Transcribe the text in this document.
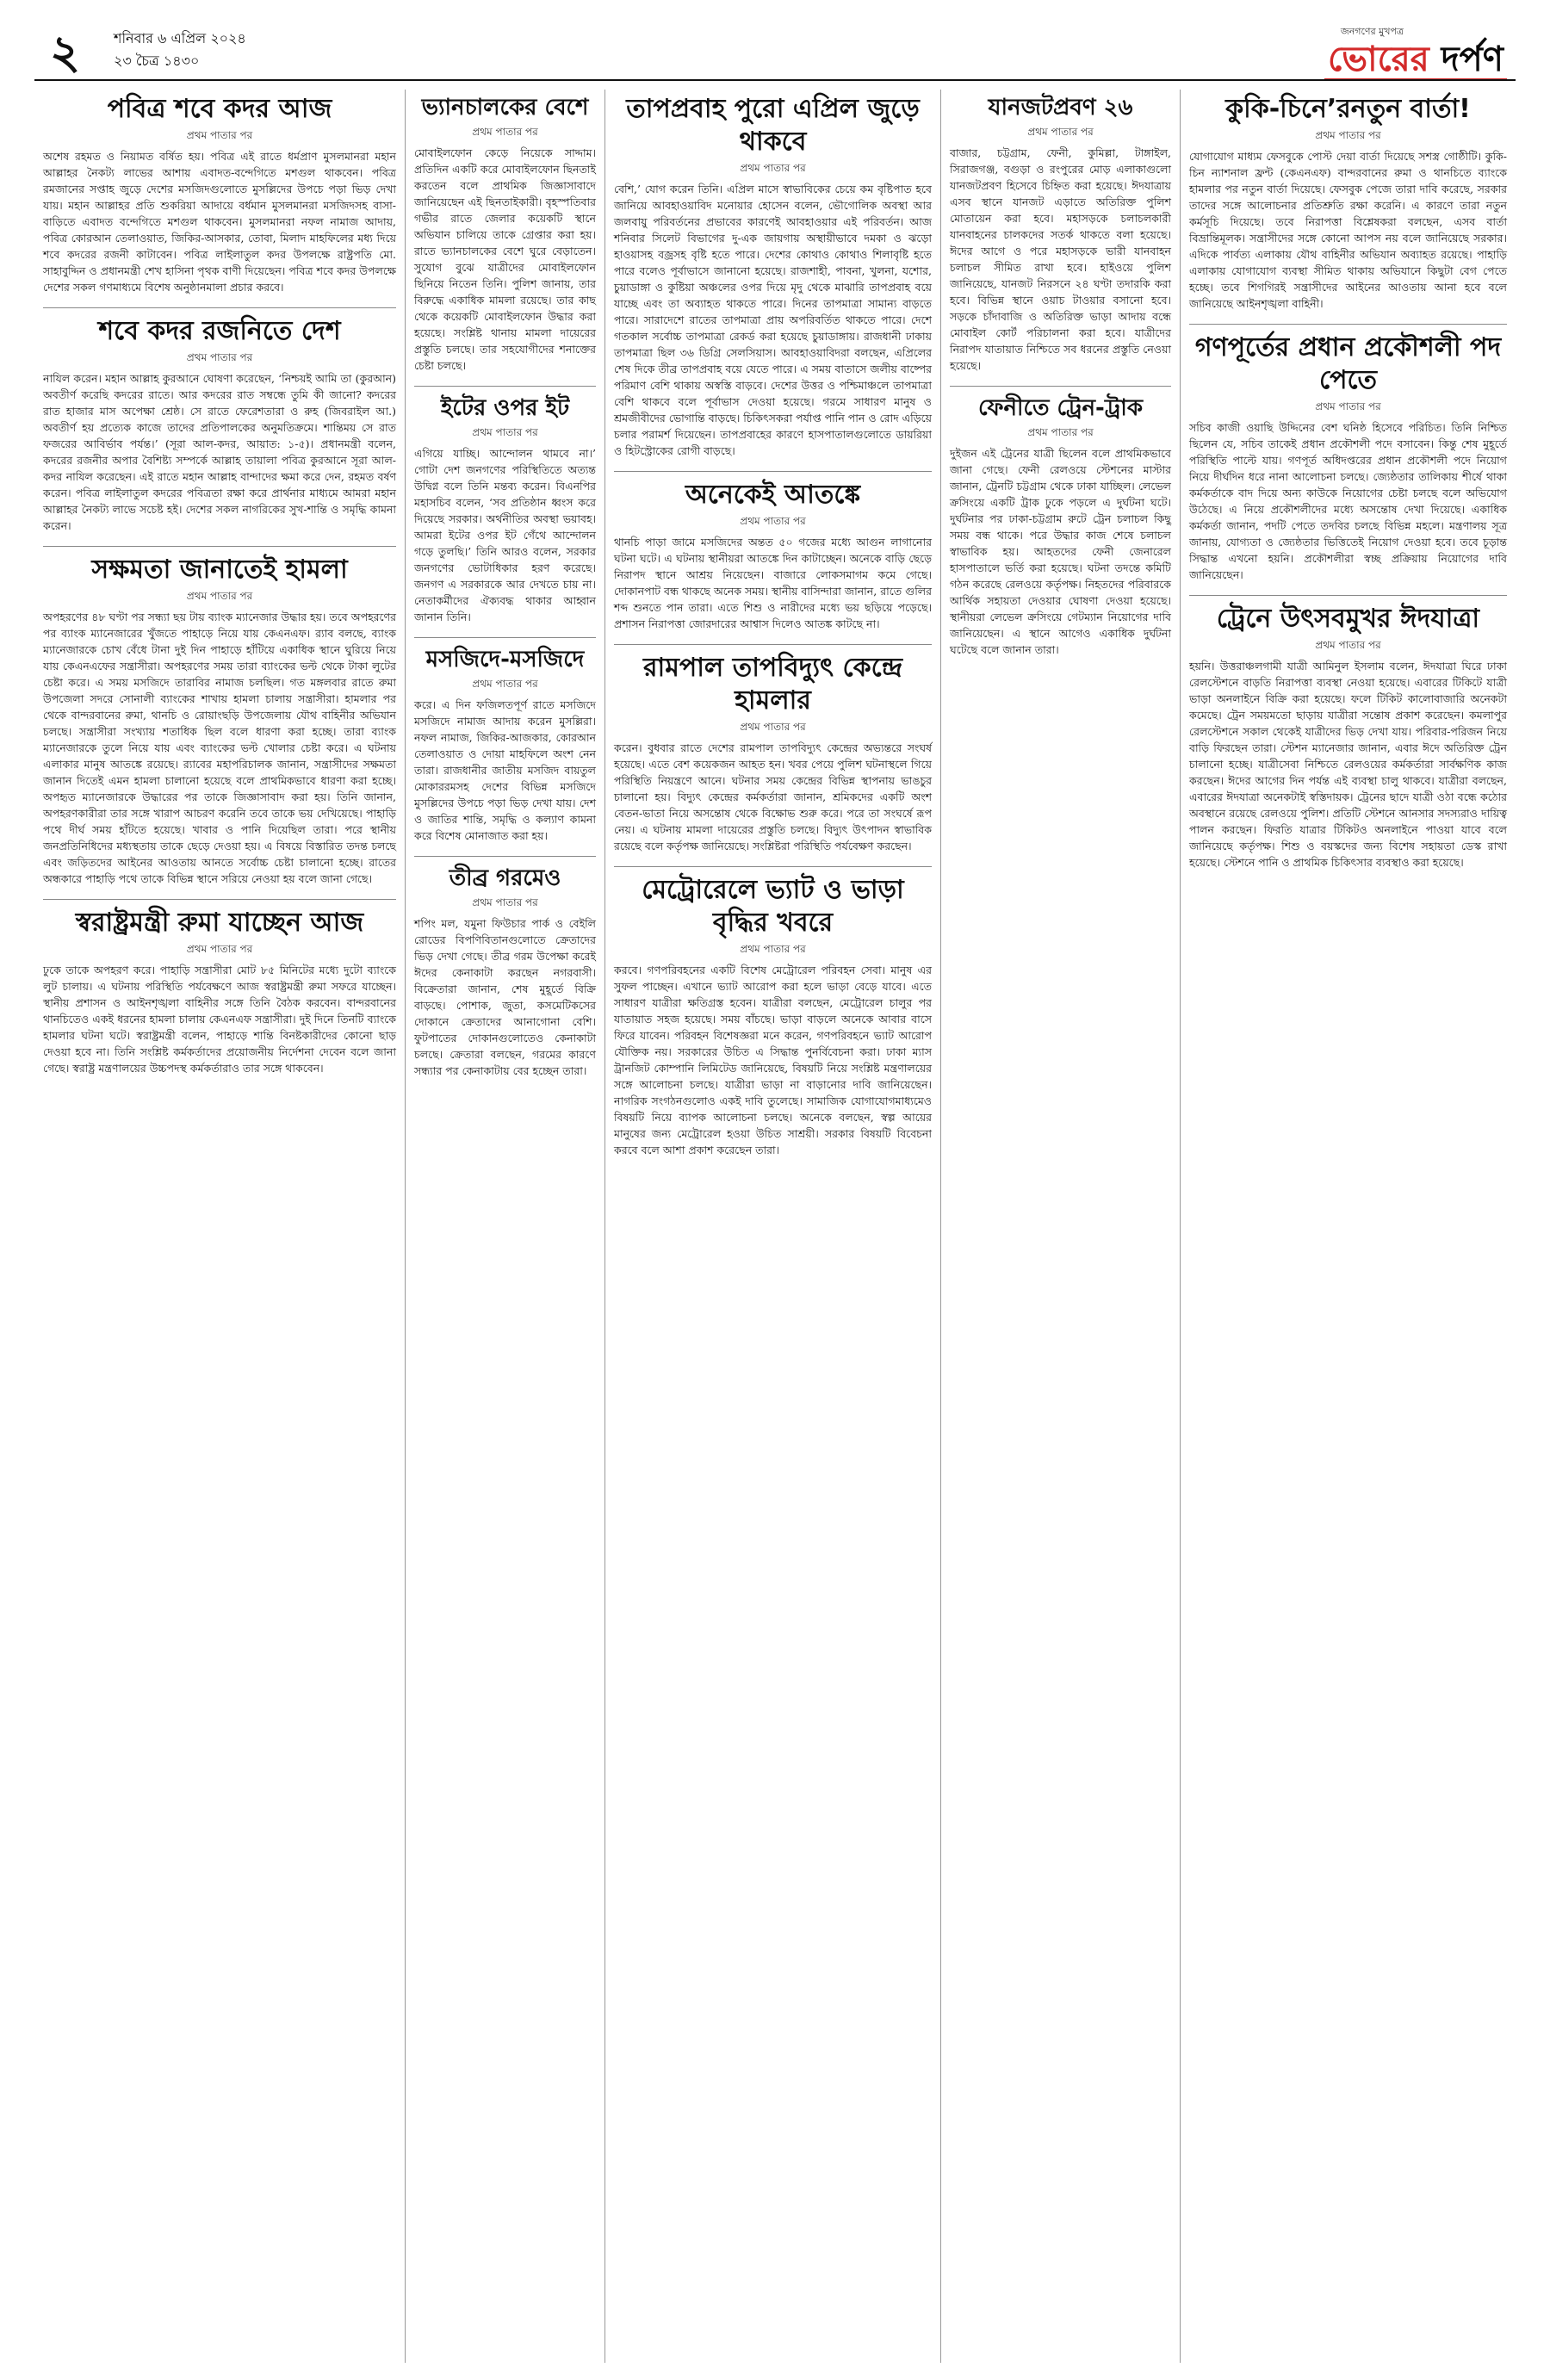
২ শনিবার ৬ এপ্রিল ২০২৪
২৩ চৈত্র ১৪৩০
জনগণের মুখপত্র
ভোরের দর্পণ
পবিত্র শবে কদর আজ
প্রথম পাতার পর
অশেষ রহমত ও নিয়ামত বর্ষিত হয়। পবিত্র এই রাতে ধর্মপ্রাণ মুসলমানরা মহান আল্লাহর নৈকট্য লাভের আশায় এবাদত-বন্দেগিতে মশগুল থাকবেন। পবিত্র রমজানের সপ্তাহ জুড়ে দেশের মসজিদগুলোতে মুসল্লিদের উপচে পড়া ভিড় দেখা যায়। মহান আল্লাহর প্রতি শুকরিয়া আদায়ে বর্ধমান মুসলমানরা মসজিদসহ বাসা-বাড়িতে এবাদত বন্দেগিতে মশগুল থাকবেন। মুসলমানরা নফল নামাজ আদায়, পবিত্র কোরআন তেলাওয়াত, জিকির-আসকার, তোবা, মিলাদ মাহফিলের মধ্য দিয়ে শবে কদরের রজনী কাটাবেন। পবিত্র লাইলাতুল কদর উপলক্ষে রাষ্ট্রপতি মো. সাহাবুদ্দিন ও প্রধানমন্ত্রী শেখ হাসিনা পৃথক বাণী দিয়েছেন। পবিত্র শবে কদর উপলক্ষে দেশের সকল গণমাধ্যমে বিশেষ অনুষ্ঠানমালা প্রচার করবে।
শবে কদর রজনিতে দেশ
প্রথম পাতার পর
নাযিল করেন। মহান আল্লাহ কুরআনে ঘোষণা করেছেন, ‘নিশ্চয়ই আমি তা (কুরআন) অবতীর্ণ করেছি কদরের রাতে। আর কদরের রাত সম্বন্ধে তুমি কী জানো? কদরের রাত হাজার মাস অপেক্ষা শ্রেষ্ঠ। সে রাতে ফেরেশতারা ও রুহ (জিবরাইল আ.) অবতীর্ণ হয় প্রত্যেক কাজে তাদের প্রতিপালকের অনুমতিক্রমে। শান্তিময় সে রাত ফজরের আবির্ভাব পর্যন্ত।’ (সূরা আল-কদর, আয়াত: ১-৫)। প্রধানমন্ত্রী বলেন, কদরের রজনীর অপার বৈশিষ্ট্য সম্পর্কে আল্লাহ তায়ালা পবিত্র কুরআনে সূরা আল-কদর নাযিল করেছেন। এই রাতে মহান আল্লাহ বান্দাদের ক্ষমা করে দেন, রহমত বর্ষণ করেন। পবিত্র লাইলাতুল কদরের পবিত্রতা রক্ষা করে প্রার্থনার মাধ্যমে আমরা মহান আল্লাহর নৈকট্য লাভে সচেষ্ট হই। দেশের সকল নাগরিকের সুখ-শান্তি ও সমৃদ্ধি কামনা করেন।
সক্ষমতা জানাতেই হামলা
প্রথম পাতার পর
অপহরণের ৪৮ ঘণ্টা পর সন্ধ্যা ছয় টায় ব্যাংক ম্যানেজার উদ্ধার হয়। তবে অপহরণের পর ব্যাংক ম্যানেজারের খুঁজতে পাহাড়ে নিয়ে যায় কেএনএফ। র‍্যাব বলছে, ব্যাংক ম্যানেজারকে চোখ বেঁধে টানা দুই দিন পাহাড়ে হাঁটিয়ে একাধিক স্থানে ঘুরিয়ে নিয়ে যায় কেএনএফের সন্ত্রাসীরা। অপহরণের সময় তারা ব্যাংকের ভল্ট থেকে টাকা লুটের চেষ্টা করে। এ সময় মসজিদে তারাবির নামাজ চলছিল। গত মঙ্গলবার রাতে রুমা উপজেলা সদরে সোনালী ব্যাংকের শাখায় হামলা চালায় সন্ত্রাসীরা। হামলার পর থেকে বান্দরবানের রুমা, থানচি ও রোয়াংছড়ি উপজেলায় যৌথ বাহিনীর অভিযান চলছে। সন্ত্রাসীরা সংখ্যায় শতাধিক ছিল বলে ধারণা করা হচ্ছে। তারা ব্যাংক ম্যানেজারকে তুলে নিয়ে যায় এবং ব্যাংকের ভল্ট খোলার চেষ্টা করে। এ ঘটনায় এলাকার মানুষ আতঙ্কে রয়েছে। র‍্যাবের মহাপরিচালক জানান, সন্ত্রাসীদের সক্ষমতা জানান দিতেই এমন হামলা চালানো হয়েছে বলে প্রাথমিকভাবে ধারণা করা হচ্ছে। অপহৃত ম্যানেজারকে উদ্ধারের পর তাকে জিজ্ঞাসাবাদ করা হয়। তিনি জানান, অপহরণকারীরা তার সঙ্গে খারাপ আচরণ করেনি তবে তাকে ভয় দেখিয়েছে। পাহাড়ি পথে দীর্ঘ সময় হাঁটতে হয়েছে। খাবার ও পানি দিয়েছিল তারা। পরে স্থানীয় জনপ্রতিনিধিদের মধ্যস্থতায় তাকে ছেড়ে দেওয়া হয়। এ বিষয়ে বিস্তারিত তদন্ত চলছে এবং জড়িতদের আইনের আওতায় আনতে সর্বোচ্চ চেষ্টা চালানো হচ্ছে। রাতের অন্ধকারে পাহাড়ি পথে তাকে বিভিন্ন স্থানে সরিয়ে নেওয়া হয় বলে জানা গেছে।
স্বরাষ্ট্রমন্ত্রী রুমা যাচ্ছেন আজ
প্রথম পাতার পর
ঢুকে তাকে অপহরণ করে। পাহাড়ি সন্ত্রাসীরা মোট ৮৫ মিনিটের মধ্যে দুটো ব্যাংকে লুট চালায়। এ ঘটনায় পরিস্থিতি পর্যবেক্ষণে আজ স্বরাষ্ট্রমন্ত্রী রুমা সফরে যাচ্ছেন। স্থানীয় প্রশাসন ও আইনশৃঙ্খলা বাহিনীর সঙ্গে তিনি বৈঠক করবেন। বান্দরবানের থানচিতেও একই ধরনের হামলা চালায় কেএনএফ সন্ত্রাসীরা। দুই দিনে তিনটি ব্যাংকে হামলার ঘটনা ঘটে। স্বরাষ্ট্রমন্ত্রী বলেন, পাহাড়ে শান্তি বিনষ্টকারীদের কোনো ছাড় দেওয়া হবে না। তিনি সংশ্লিষ্ট কর্মকর্তাদের প্রয়োজনীয় নির্দেশনা দেবেন বলে জানা গেছে। স্বরাষ্ট্র মন্ত্রণালয়ের উচ্চপদস্থ কর্মকর্তারাও তার সঙ্গে থাকবেন।
ভ্যানচালকের বেশে
প্রথম পাতার পর
মোবাইলফোন কেড়ে নিয়েকে সাদ্দাম। প্রতিদিন একটি করে মোবাইলফোন ছিনতাই করতেন বলে প্রাথমিক জিজ্ঞাসাবাদে জানিয়েছেন এই ছিনতাইকারী। বৃহস্পতিবার গভীর রাতে জেলার কয়েকটি স্থানে অভিযান চালিয়ে তাকে গ্রেপ্তার করা হয়। রাতে ভ্যানচালকের বেশে ঘুরে বেড়াতেন। সুযোগ বুঝে যাত্রীদের মোবাইলফোন ছিনিয়ে নিতেন তিনি। পুলিশ জানায়, তার বিরুদ্ধে একাধিক মামলা রয়েছে। তার কাছ থেকে কয়েকটি মোবাইলফোন উদ্ধার করা হয়েছে। সংশ্লিষ্ট থানায় মামলা দায়েরের প্রস্তুতি চলছে। তার সহযোগীদের শনাক্তের চেষ্টা চলছে।
ইটের ওপর ইট
প্রথম পাতার পর
এগিয়ে যাচ্ছি। আন্দোলন থামবে না।’ গোটা দেশ জনগণের পরিস্থিতিতে অত্যন্ত উদ্বিগ্ন বলে তিনি মন্তব্য করেন। বিএনপির মহাসচিব বলেন, ‘সব প্রতিষ্ঠান ধ্বংস করে দিয়েছে সরকার। অর্থনীতির অবস্থা ভয়াবহ। আমরা ইটের ওপর ইট গেঁথে আন্দোলন গড়ে তুলছি।’ তিনি আরও বলেন, সরকার জনগণের ভোটাধিকার হরণ করেছে। জনগণ এ সরকারকে আর দেখতে চায় না। নেতাকর্মীদের ঐক্যবদ্ধ থাকার আহ্বান জানান তিনি।
মসজিদে-মসজিদে
প্রথম পাতার পর
করে। এ দিন ফজিলতপূর্ণ রাতে মসজিদে মসজিদে নামাজ আদায় করেন মুসল্লিরা। নফল নামাজ, জিকির-আজকার, কোরআন তেলাওয়াত ও দোয়া মাহফিলে অংশ নেন তারা। রাজধানীর জাতীয় মসজিদ বায়তুল মোকাররমসহ দেশের বিভিন্ন মসজিদে মুসল্লিদের উপচে পড়া ভিড় দেখা যায়। দেশ ও জাতির শান্তি, সমৃদ্ধি ও কল্যাণ কামনা করে বিশেষ মোনাজাত করা হয়।
তীব্র গরমেও
প্রথম পাতার পর
শপিং মল, যমুনা ফিউচার পার্ক ও বেইলি রোডের বিপণিবিতানগুলোতে ক্রেতাদের ভিড় দেখা গেছে। তীব্র গরম উপেক্ষা করেই ঈদের কেনাকাটা করছেন নগরবাসী। বিক্রেতারা জানান, শেষ মুহূর্তে বিক্রি বাড়ছে। পোশাক, জুতা, কসমেটিকসের দোকানে ক্রেতাদের আনাগোনা বেশি। ফুটপাতের দোকানগুলোতেও কেনাকাটা চলছে। ক্রেতারা বলছেন, গরমের কারণে সন্ধ্যার পর কেনাকাটায় বের হচ্ছেন তারা।
তাপপ্রবাহ পুরো এপ্রিল জুড়ে থাকবে
প্রথম পাতার পর
বেশি,’ যোগ করেন তিনি। এপ্রিল মাসে স্বাভাবিকের চেয়ে কম বৃষ্টিপাত হবে জানিয়ে আবহাওয়াবিদ মনোয়ার হোসেন বলেন, ভৌগোলিক অবস্থা আর জলবায়ু পরিবর্তনের প্রভাবের কারণেই আবহাওয়ার এই পরিবর্তন। আজ শনিবার সিলেট বিভাগের দু-এক জায়গায় অস্থায়ীভাবে দমকা ও ঝড়ো হাওয়াসহ বজ্রসহ বৃষ্টি হতে পারে। দেশের কোথাও কোথাও শিলাবৃষ্টি হতে পারে বলেও পূর্বাভাসে জানানো হয়েছে। রাজশাহী, পাবনা, খুলনা, যশোর, চুয়াডাঙ্গা ও কুষ্টিয়া অঞ্চলের ওপর দিয়ে মৃদু থেকে মাঝারি তাপপ্রবাহ বয়ে যাচ্ছে এবং তা অব্যাহত থাকতে পারে। দিনের তাপমাত্রা সামান্য বাড়তে পারে। সারাদেশে রাতের তাপমাত্রা প্রায় অপরিবর্তিত থাকতে পারে। দেশে গতকাল সর্বোচ্চ তাপমাত্রা রেকর্ড করা হয়েছে চুয়াডাঙ্গায়। রাজধানী ঢাকায় তাপমাত্রা ছিল ৩৬ ডিগ্রি সেলসিয়াস। আবহাওয়াবিদরা বলছেন, এপ্রিলের শেষ দিকে তীব্র তাপপ্রবাহ বয়ে যেতে পারে। এ সময় বাতাসে জলীয় বাষ্পের পরিমাণ বেশি থাকায় অস্বস্তি বাড়বে। দেশের উত্তর ও পশ্চিমাঞ্চলে তাপমাত্রা বেশি থাকবে বলে পূর্বাভাস দেওয়া হয়েছে। গরমে সাধারণ মানুষ ও শ্রমজীবীদের ভোগান্তি বাড়ছে। চিকিৎসকরা পর্যাপ্ত পানি পান ও রোদ এড়িয়ে চলার পরামর্শ দিয়েছেন। তাপপ্রবাহের কারণে হাসপাতালগুলোতে ডায়রিয়া ও হিটস্ট্রোকের রোগী বাড়ছে।
অনেকেই আতঙ্কে
প্রথম পাতার পর
থানচি পাড়া জামে মসজিদের অন্তত ৫০ গজের মধ্যে আগুন লাগানোর ঘটনা ঘটে। এ ঘটনায় স্থানীয়রা আতঙ্কে দিন কাটাচ্ছেন। অনেকে বাড়ি ছেড়ে নিরাপদ স্থানে আশ্রয় নিয়েছেন। বাজারে লোকসমাগম কমে গেছে। দোকানপাট বন্ধ থাকছে অনেক সময়। স্থানীয় বাসিন্দারা জানান, রাতে গুলির শব্দ শুনতে পান তারা। এতে শিশু ও নারীদের মধ্যে ভয় ছড়িয়ে পড়েছে। প্রশাসন নিরাপত্তা জোরদারের আশ্বাস দিলেও আতঙ্ক কাটছে না।
রামপাল তাপবিদ্যুৎ কেন্দ্রে হামলার
প্রথম পাতার পর
করেন। বুধবার রাতে দেশের রামপাল তাপবিদ্যুৎ কেন্দ্রের অভ্যন্তরে সংঘর্ষ হয়েছে। এতে বেশ কয়েকজন আহত হন। খবর পেয়ে পুলিশ ঘটনাস্থলে গিয়ে পরিস্থিতি নিয়ন্ত্রণে আনে। ঘটনার সময় কেন্দ্রের বিভিন্ন স্থাপনায় ভাঙচুর চালানো হয়। বিদ্যুৎ কেন্দ্রের কর্মকর্তারা জানান, শ্রমিকদের একটি অংশ বেতন-ভাতা নিয়ে অসন্তোষ থেকে বিক্ষোভ শুরু করে। পরে তা সংঘর্ষে রূপ নেয়। এ ঘটনায় মামলা দায়েরের প্রস্তুতি চলছে। বিদ্যুৎ উৎপাদন স্বাভাবিক রয়েছে বলে কর্তৃপক্ষ জানিয়েছে। সংশ্লিষ্টরা পরিস্থিতি পর্যবেক্ষণ করছেন।
মেট্রোরেলে ভ্যাট ও ভাড়া বৃদ্ধির খবরে
প্রথম পাতার পর
করবে। গণপরিবহনের একটি বিশেষ মেট্রোরেল পরিবহন সেবা। মানুষ এর সুফল পাচ্ছেন। এখানে ভ্যাট আরোপ করা হলে ভাড়া বেড়ে যাবে। এতে সাধারণ যাত্রীরা ক্ষতিগ্রস্ত হবেন। যাত্রীরা বলছেন, মেট্রোরেল চালুর পর যাতায়াত সহজ হয়েছে। সময় বাঁচছে। ভাড়া বাড়লে অনেকে আবার বাসে ফিরে যাবেন। পরিবহন বিশেষজ্ঞরা মনে করেন, গণপরিবহনে ভ্যাট আরোপ যৌক্তিক নয়। সরকারের উচিত এ সিদ্ধান্ত পুনর্বিবেচনা করা। ঢাকা ম্যাস ট্রানজিট কোম্পানি লিমিটেড জানিয়েছে, বিষয়টি নিয়ে সংশ্লিষ্ট মন্ত্রণালয়ের সঙ্গে আলোচনা চলছে। যাত্রীরা ভাড়া না বাড়ানোর দাবি জানিয়েছেন। নাগরিক সংগঠনগুলোও একই দাবি তুলেছে। সামাজিক যোগাযোগমাধ্যমেও বিষয়টি নিয়ে ব্যাপক আলোচনা চলছে। অনেকে বলছেন, স্বল্প আয়ের মানুষের জন্য মেট্রোরেল হওয়া উচিত সাশ্রয়ী। সরকার বিষয়টি বিবেচনা করবে বলে আশা প্রকাশ করেছেন তারা।
যানজটপ্রবণ ২৬
প্রথম পাতার পর
বাজার, চট্টগ্রাম, ফেনী, কুমিল্লা, টাঙ্গাইল, সিরাজগঞ্জ, বগুড়া ও রংপুরের মোড় এলাকাগুলো যানজটপ্রবণ হিসেবে চিহ্নিত করা হয়েছে। ঈদযাত্রায় এসব স্থানে যানজট এড়াতে অতিরিক্ত পুলিশ মোতায়েন করা হবে। মহাসড়কে চলাচলকারী যানবাহনের চালকদের সতর্ক থাকতে বলা হয়েছে। ঈদের আগে ও পরে মহাসড়কে ভারী যানবাহন চলাচল সীমিত রাখা হবে। হাইওয়ে পুলিশ জানিয়েছে, যানজট নিরসনে ২৪ ঘণ্টা তদারকি করা হবে। বিভিন্ন স্থানে ওয়াচ টাওয়ার বসানো হবে। সড়কে চাঁদাবাজি ও অতিরিক্ত ভাড়া আদায় বন্ধে মোবাইল কোর্ট পরিচালনা করা হবে। যাত্রীদের নিরাপদ যাতায়াত নিশ্চিতে সব ধরনের প্রস্তুতি নেওয়া হয়েছে।
ফেনীতে ট্রেন-ট্রাক
প্রথম পাতার পর
দুইজন এই ট্রেনের যাত্রী ছিলেন বলে প্রাথমিকভাবে জানা গেছে। ফেনী রেলওয়ে স্টেশনের মাস্টার জানান, ট্রেনটি চট্টগ্রাম থেকে ঢাকা যাচ্ছিল। লেভেল ক্রসিংয়ে একটি ট্রাক ঢুকে পড়লে এ দুর্ঘটনা ঘটে। দুর্ঘটনার পর ঢাকা-চট্টগ্রাম রুটে ট্রেন চলাচল কিছু সময় বন্ধ থাকে। পরে উদ্ধার কাজ শেষে চলাচল স্বাভাবিক হয়। আহতদের ফেনী জেনারেল হাসপাতালে ভর্তি করা হয়েছে। ঘটনা তদন্তে কমিটি গঠন করেছে রেলওয়ে কর্তৃপক্ষ। নিহতদের পরিবারকে আর্থিক সহায়তা দেওয়ার ঘোষণা দেওয়া হয়েছে। স্থানীয়রা লেভেল ক্রসিংয়ে গেটম্যান নিয়োগের দাবি জানিয়েছেন। এ স্থানে আগেও একাধিক দুর্ঘটনা ঘটেছে বলে জানান তারা।
কুকি-চিনে’রনতুন বার্তা!
প্রথম পাতার পর
যোগাযোগ মাধ্যম ফেসবুকে পোস্ট দেয়া বার্তা দিয়েছে সশস্ত্র গোষ্ঠীটি। কুকি-চিন ন্যাশনাল ফ্রন্ট (কেএনএফ) বান্দরবানের রুমা ও থানচিতে ব্যাংকে হামলার পর নতুন বার্তা দিয়েছে। ফেসবুক পেজে তারা দাবি করেছে, সরকার তাদের সঙ্গে আলোচনার প্রতিশ্রুতি রক্ষা করেনি। এ কারণে তারা নতুন কর্মসূচি দিয়েছে। তবে নিরাপত্তা বিশ্লেষকরা বলছেন, এসব বার্তা বিভ্রান্তিমূলক। সন্ত্রাসীদের সঙ্গে কোনো আপস নয় বলে জানিয়েছে সরকার। এদিকে পার্বত্য এলাকায় যৌথ বাহিনীর অভিযান অব্যাহত রয়েছে। পাহাড়ি এলাকায় যোগাযোগ ব্যবস্থা সীমিত থাকায় অভিযানে কিছুটা বেগ পেতে হচ্ছে। তবে শিগগিরই সন্ত্রাসীদের আইনের আওতায় আনা হবে বলে জানিয়েছে আইনশৃঙ্খলা বাহিনী।
গণপূর্তের প্রধান প্রকৌশলী পদ পেতে
প্রথম পাতার পর
সচিব কাজী ওয়াছি উদ্দিনের বেশ ঘনিষ্ঠ হিসেবে পরিচিত। তিনি নিশ্চিত ছিলেন যে, সচিব তাকেই প্রধান প্রকৌশলী পদে বসাবেন। কিন্তু শেষ মুহূর্তে পরিস্থিতি পাল্টে যায়। গণপূর্ত অধিদপ্তরের প্রধান প্রকৌশলী পদে নিয়োগ নিয়ে দীর্ঘদিন ধরে নানা আলোচনা চলছে। জ্যেষ্ঠতার তালিকায় শীর্ষে থাকা কর্মকর্তাকে বাদ দিয়ে অন্য কাউকে নিয়োগের চেষ্টা চলছে বলে অভিযোগ উঠেছে। এ নিয়ে প্রকৌশলীদের মধ্যে অসন্তোষ দেখা দিয়েছে। একাধিক কর্মকর্তা জানান, পদটি পেতে তদবির চলছে বিভিন্ন মহলে। মন্ত্রণালয় সূত্র জানায়, যোগ্যতা ও জ্যেষ্ঠতার ভিত্তিতেই নিয়োগ দেওয়া হবে। তবে চূড়ান্ত সিদ্ধান্ত এখনো হয়নি। প্রকৌশলীরা স্বচ্ছ প্রক্রিয়ায় নিয়োগের দাবি জানিয়েছেন।
ট্রেনে উৎসবমুখর ঈদযাত্রা
প্রথম পাতার পর
হয়নি। উত্তরাঞ্চলগামী যাত্রী আমিনুল ইসলাম বলেন, ঈদযাত্রা ঘিরে ঢাকা রেলস্টেশনে বাড়তি নিরাপত্তা ব্যবস্থা নেওয়া হয়েছে। এবারের টিকিটে যাত্রী ভাড়া অনলাইনে বিক্রি করা হয়েছে। ফলে টিকিট কালোবাজারি অনেকটা কমেছে। ট্রেন সময়মতো ছাড়ায় যাত্রীরা সন্তোষ প্রকাশ করেছেন। কমলাপুর রেলস্টেশনে সকাল থেকেই যাত্রীদের ভিড় দেখা যায়। পরিবার-পরিজন নিয়ে বাড়ি ফিরছেন তারা। স্টেশন ম্যানেজার জানান, এবার ঈদে অতিরিক্ত ট্রেন চালানো হচ্ছে। যাত্রীসেবা নিশ্চিতে রেলওয়ের কর্মকর্তারা সার্বক্ষণিক কাজ করছেন। ঈদের আগের দিন পর্যন্ত এই ব্যবস্থা চালু থাকবে। যাত্রীরা বলছেন, এবারের ঈদযাত্রা অনেকটাই স্বস্তিদায়ক। ট্রেনের ছাদে যাত্রী ওঠা বন্ধে কঠোর অবস্থানে রয়েছে রেলওয়ে পুলিশ। প্রতিটি স্টেশনে আনসার সদস্যরাও দায়িত্ব পালন করছেন। ফিরতি যাত্রার টিকিটও অনলাইনে পাওয়া যাবে বলে জানিয়েছে কর্তৃপক্ষ। শিশু ও বয়স্কদের জন্য বিশেষ সহায়তা ডেস্ক রাখা হয়েছে। স্টেশনে পানি ও প্রাথমিক চিকিৎসার ব্যবস্থাও করা হয়েছে।
